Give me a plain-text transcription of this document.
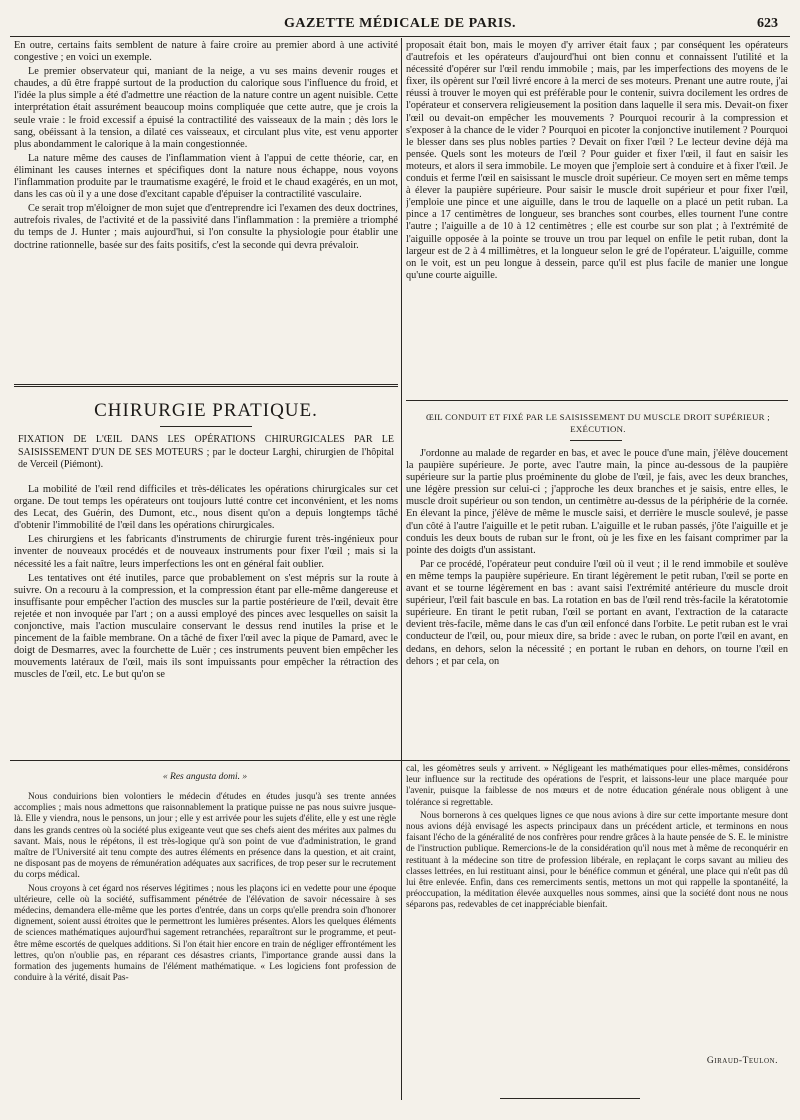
GAZETTE MÉDICALE DE PARIS.	623

En outre, certains faits semblent de nature à faire croire au premier abord à une activité congestive ; en voici un exemple.

Le premier observateur qui, maniant de la neige, a vu ses mains devenir rouges et chaudes, a dû être frappé surtout de la production du calorique sous l'influence du froid, et l'idée la plus simple a été d'admettre une réaction de la nature contre un agent nuisible. Cette interprétation était assurément beaucoup moins compliquée que cette autre, que je crois la seule vraie : le froid excessif a épuisé la contractilité des vaisseaux de la main ; dès lors le sang, obéissant à la tension, a dilaté ces vaisseaux, et circulant plus vite, est venu apporter plus abondamment le calorique à la main congestionnée.

La nature même des causes de l'inflammation vient à l'appui de cette théorie, car, en éliminant les causes internes et spécifiques dont la nature nous échappe, nous voyons l'inflammation produite par le traumatisme exagéré, le froid et le chaud exagérés, en un mot, dans les cas où il y a une dose d'excitant capable d'épuiser la contractilité vasculaire.

Ce serait trop m'éloigner de mon sujet que d'entreprendre ici l'examen des deux doctrines, autrefois rivales, de l'activité et de la passivité dans l'inflammation : la première a triomphé du temps de J. Hunter ; mais aujourd'hui, si l'on consulte la physiologie pour établir une doctrine rationnelle, basée sur des faits positifs, c'est la seconde qui devra prévaloir.

CHIRURGIE PRATIQUE.
FIXATION DE L'ŒIL DANS LES OPÉRATIONS CHIRURGICALES PAR LE SAISISSEMENT D'UN DE SES MOTEURS ; par le docteur Larghi, chirurgien de l'hôpital de Verceil (Piémont).

La mobilité de l'œil rend difficiles et très-délicates les opérations chirurgicales sur cet organe. De tout temps les opérateurs ont toujours lutté contre cet inconvénient, et les noms des Lecat, des Guérin, des Dumont, etc., nous disent qu'on a depuis longtemps tâché d'obtenir l'immobilité de l'œil dans les opérations chirurgicales.

Les chirurgiens et les fabricants d'instruments de chirurgie furent très-ingénieux pour inventer de nouveaux procédés et de nouveaux instruments pour fixer l'œil ; mais si la nécessité les a fait naître, leurs imperfections les ont en général fait oublier.

Les tentatives ont été inutiles, parce que probablement on s'est mépris sur la route à suivre. On a recouru à la compression, et la compression étant par elle-même dangereuse et insuffisante pour empêcher l'action des muscles sur la partie postérieure de l'œil, devait être rejetée et non invoquée par l'art ; on a aussi employé des pinces avec lesquelles on saisit la conjonctive, mais l'action musculaire conservant le dessus rend inutiles la prise et le pincement de la faible membrane. On a tâché de fixer l'œil avec la pique de Pamard, avec le doigt de Desmarres, avec la fourchette de Luër ; ces instruments peuvent bien empêcher les mouvements latéraux de l'œil, mais ils sont impuissants pour empêcher la rétraction des muscles de l'œil, etc. Le but qu'on se

proposait était bon, mais le moyen d'y arriver était faux ; par conséquent les opérateurs d'autrefois et les opérateurs d'aujourd'hui ont bien connu et connaissent l'utilité et la nécessité d'opérer sur l'œil rendu immobile ; mais, par les imperfections des moyens de le fixer, ils opèrent sur l'œil livré encore à la merci de ses moteurs. Prenant une autre route, j'ai réussi à trouver le moyen qui est préférable pour le contenir, suivra docilement les ordres de l'opérateur et conservera religieusement la position dans laquelle il sera mis. Devait-on fixer l'œil ou devait-on empêcher les mouvements ? Pourquoi recourir à la compression et s'exposer à la chance de le vider ? Pourquoi en picoter la conjonctive inutilement ? Pourquoi le blesser dans ses plus nobles parties ? Devait on fixer l'œil ? Le lecteur devine déjà ma pensée. Quels sont les moteurs de l'œil ? Pour guider et fixer l'œil, il faut en saisir les moteurs, et alors il sera immobile. Le moyen que j'emploie sert à conduire et à fixer l'œil. Je conduis et ferme l'œil en saisissant le muscle droit supérieur. Ce moyen sert en même temps à élever la paupière supérieure. Pour saisir le muscle droit supérieur et pour fixer l'œil, j'emploie une pince et une aiguille, dans le trou de laquelle on a placé un petit ruban. La pince a 17 centimètres de longueur, ses branches sont courbes, elles tournent l'une contre l'autre ; l'aiguille a de 10 à 12 centimètres ; elle est courbe sur son plat ; à l'extrémité de l'aiguille opposée à la pointe se trouve un trou par lequel on enfile le petit ruban, dont la largeur est de 2 à 4 millimètres, et la longueur selon le gré de l'opérateur. L'aiguille, comme on le voit, est un peu longue à dessein, parce qu'il est plus facile de manier une longue qu'une courte aiguille.

ŒIL CONDUIT ET FIXÉ PAR LE SAISISSEMENT DU MUSCLE DROIT SUPÉRIEUR ; EXÉCUTION.

J'ordonne au malade de regarder en bas, et avec le pouce d'une main, j'élève doucement la paupière supérieure. Je porte, avec l'autre main, la pince au-dessous de la paupière supérieure sur la partie plus proéminente du globe de l'œil, je fais, avec les deux branches, une légère pression sur celui-ci ; j'approche les deux branches et je saisis, entre elles, le muscle droit supérieur ou son tendon, un centimètre au-dessus de la périphérie de la cornée. En élevant la pince, j'élève de même le muscle saisi, et derrière le muscle soulevé, je passe d'un côté à l'autre l'aiguille et le petit ruban. L'aiguille et le ruban passés, j'ôte l'aiguille et je conduis les deux bouts de ruban sur le front, où je les fixe en les faisant comprimer par la pointe des doigts d'un assistant.

Par ce procédé, l'opérateur peut conduire l'œil où il veut ; il le rend immobile et soulève en même temps la paupière supérieure. En tirant légèrement le petit ruban, l'œil se porte en avant et se tourne légèrement en bas : avant saisi l'extrémité antérieure du muscle droit supérieur, l'œil fait bascule en bas. La rotation en bas de l'œil rend très-facile la kératotomie supérieure. En tirant le petit ruban, l'œil se portant en avant, l'extraction de la cataracte devient très-facile, même dans le cas d'un œil enfoncé dans l'orbite. Le petit ruban est le vrai conducteur de l'œil, ou, pour mieux dire, sa bride : avec le ruban, on porte l'œil en avant, en dedans, en dehors, selon la nécessité ; en portant le ruban en dehors, on tourne l'œil en dehors ; et par cela, on

« Res angusta domi. »

Nous conduirions bien volontiers le médecin d'études en études jusqu'à ses trente années accomplies ; mais nous admettons que raisonnablement la pratique puisse ne pas nous suivre jusque-là. Elle y viendra, nous le pensons, un jour ; elle y est arrivée pour les sujets d'élite, elle y est une règle dans les grands centres où la société plus exigeante veut que ses chefs aient des mérites aux palmes du savant. Mais, nous le répétons, il est très-logique qu'à son point de vue d'administration, le grand maître de l'Université ait tenu compte des autres éléments en présence dans la question, et ait craint, ne disposant pas de moyens de rémunération adéquates aux sacrifices, de trop peser sur le recrutement du corps médical.

Nous croyons à cet égard nos réserves légitimes ; nous les plaçons ici en vedette pour une époque ultérieure, celle où la société, suffisamment pénétrée de l'élévation de savoir nécessaire à ses médecins, demandera elle-même que les portes d'entrée, dans un corps qu'elle prendra soin d'honorer dignement, soient aussi étroites que le permettront les lumières présentes. Alors les quelques éléments de sciences mathématiques aujourd'hui sagement retranchées, reparaîtront sur le programme, et peut-être même escortés de quelques additions. Si l'on était hier encore en train de négliger effrontément les lettres, qu'on n'oublie pas, en réparant ces désastres criants, l'importance grande aussi dans la formation des jugements humains de l'élément mathématique. « Les logiciens font profession de conduire à la vérité, disait Pas-

cal, les géomètres seuls y arrivent. » Négligeant les mathématiques pour elles-mêmes, considérons leur influence sur la rectitude des opérations de l'esprit, et laissons-leur une place marquée pour l'avenir, puisque la faiblesse de nos mœurs et de notre éducation générale nous obligent à une tolérance si regrettable.

Nous bornerons à ces quelques lignes ce que nous avions à dire sur cette importante mesure dont nous avions déjà envisagé les aspects principaux dans un précédent article, et terminons en nous faisant l'écho de la généralité de nos confrères pour rendre grâces à la haute pensée de S. E. le ministre de l'instruction publique. Remercions-le de la considération qu'il nous met à même de reconquérir en restituant à la médecine son titre de profession libérale, en replaçant le corps savant au milieu des classes lettrées, en lui restituant ainsi, pour le bénéfice commun et général, une place qui n'eût pas dû lui être enlevée. Enfin, dans ces remerciments sentis, mettons un mot qui rappelle la spontanéité, la préoccupation, la méditation élevée auxquelles nous sommes, ainsi que la société dont nous ne nous séparons pas, redevables de cet inappréciable bienfait.

Giraud-Teulon.
